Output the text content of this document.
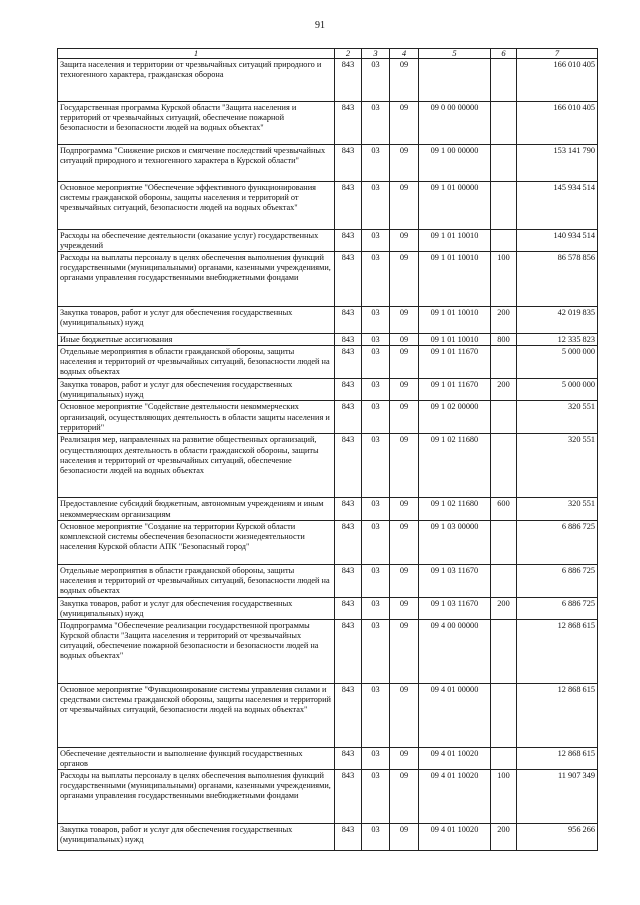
91
1	2	3	4	5	6	7
Защита населения и территории от чрезвычайных ситуаций природного и техногенного характера, гражданская оборона	843	03	09			166 010 405
Государственная программа Курской области "Защита населения и территорий от чрезвычайных ситуаций, обеспечение пожарной безопасности и безопасности людей на водных объектах"	843	03	09	09 0 00 00000		166 010 405
Подпрограмма "Снижение рисков и смягчение последствий чрезвычайных ситуаций природного и техногенного характера в Курской области"	843	03	09	09 1 00 00000		153 141 790
Основное мероприятие "Обеспечение эффективного функционирования системы гражданской обороны, защиты населения и территорий от чрезвычайных ситуаций, безопасности людей на водных объектах"	843	03	09	09 1 01 00000		145 934 514
Расходы на обеспечение деятельности (оказание услуг) государственных учреждений	843	03	09	09 1 01 10010		140 934 514
Расходы на выплаты персоналу в целях обеспечения выполнения функций государственными (муниципальными) органами, казенными учреждениями, органами управления государственными внебюджетными фондами	843	03	09	09 1 01 10010	100	86 578 856
Закупка товаров, работ и услуг для обеспечения государственных (муниципальных) нужд	843	03	09	09 1 01 10010	200	42 019 835
Иные бюджетные ассигнования	843	03	09	09 1 01 10010	800	12 335 823
Отдельные мероприятия в области гражданской обороны, защиты населения и территорий от чрезвычайных ситуаций, безопасности людей на водных объектах	843	03	09	09 1 01 11670		5 000 000
Закупка товаров, работ и услуг для обеспечения государственных (муниципальных) нужд	843	03	09	09 1 01 11670	200	5 000 000
Основное мероприятие "Содействие деятельности некоммерческих организаций, осуществляющих деятельность в области защиты населения и территорий"	843	03	09	09 1 02 00000		320 551
Реализация мер, направленных на развитие общественных организаций, осуществляющих деятельность в области гражданской обороны, защиты населения и территорий от чрезвычайных ситуаций, обеспечение безопасности людей на водных объектах	843	03	09	09 1 02 11680		320 551
Предоставление субсидий бюджетным, автономным учреждениям и иным некоммерческим организациям	843	03	09	09 1 02 11680	600	320 551
Основное мероприятие "Создание на территории Курской области комплексной системы обеспечения безопасности жизнедеятельности населения Курской области АПК "Безопасный город"	843	03	09	09 1 03 00000		6 886 725
Отдельные мероприятия в области гражданской обороны, защиты населения и территорий от чрезвычайных ситуаций, безопасности людей на водных объектах	843	03	09	09 1 03 11670		6 886 725
Закупка товаров, работ и услуг для обеспечения государственных (муниципальных) нужд	843	03	09	09 1 03 11670	200	6 886 725
Подпрограмма "Обеспечение реализации государственной программы Курской области "Защита населения и территорий от чрезвычайных ситуаций, обеспечение пожарной безопасности и безопасности людей на водных объектах"	843	03	09	09 4 00 00000		12 868 615
Основное мероприятие "Функционирование системы управления силами и средствами системы гражданской обороны, защиты населения и территорий от чрезвычайных ситуаций, безопасности людей на водных объектах"	843	03	09	09 4 01 00000		12 868 615
Обеспечение деятельности и выполнение функций государственных органов	843	03	09	09 4 01 10020		12 868 615
Расходы на выплаты персоналу в целях обеспечения выполнения функций государственными (муниципальными) органами, казенными учреждениями, органами управления государственными внебюджетными фондами	843	03	09	09 4 01 10020	100	11 907 349
Закупка товаров, работ и услуг для обеспечения государственных (муниципальных) нужд	843	03	09	09 4 01 10020	200	956 266
